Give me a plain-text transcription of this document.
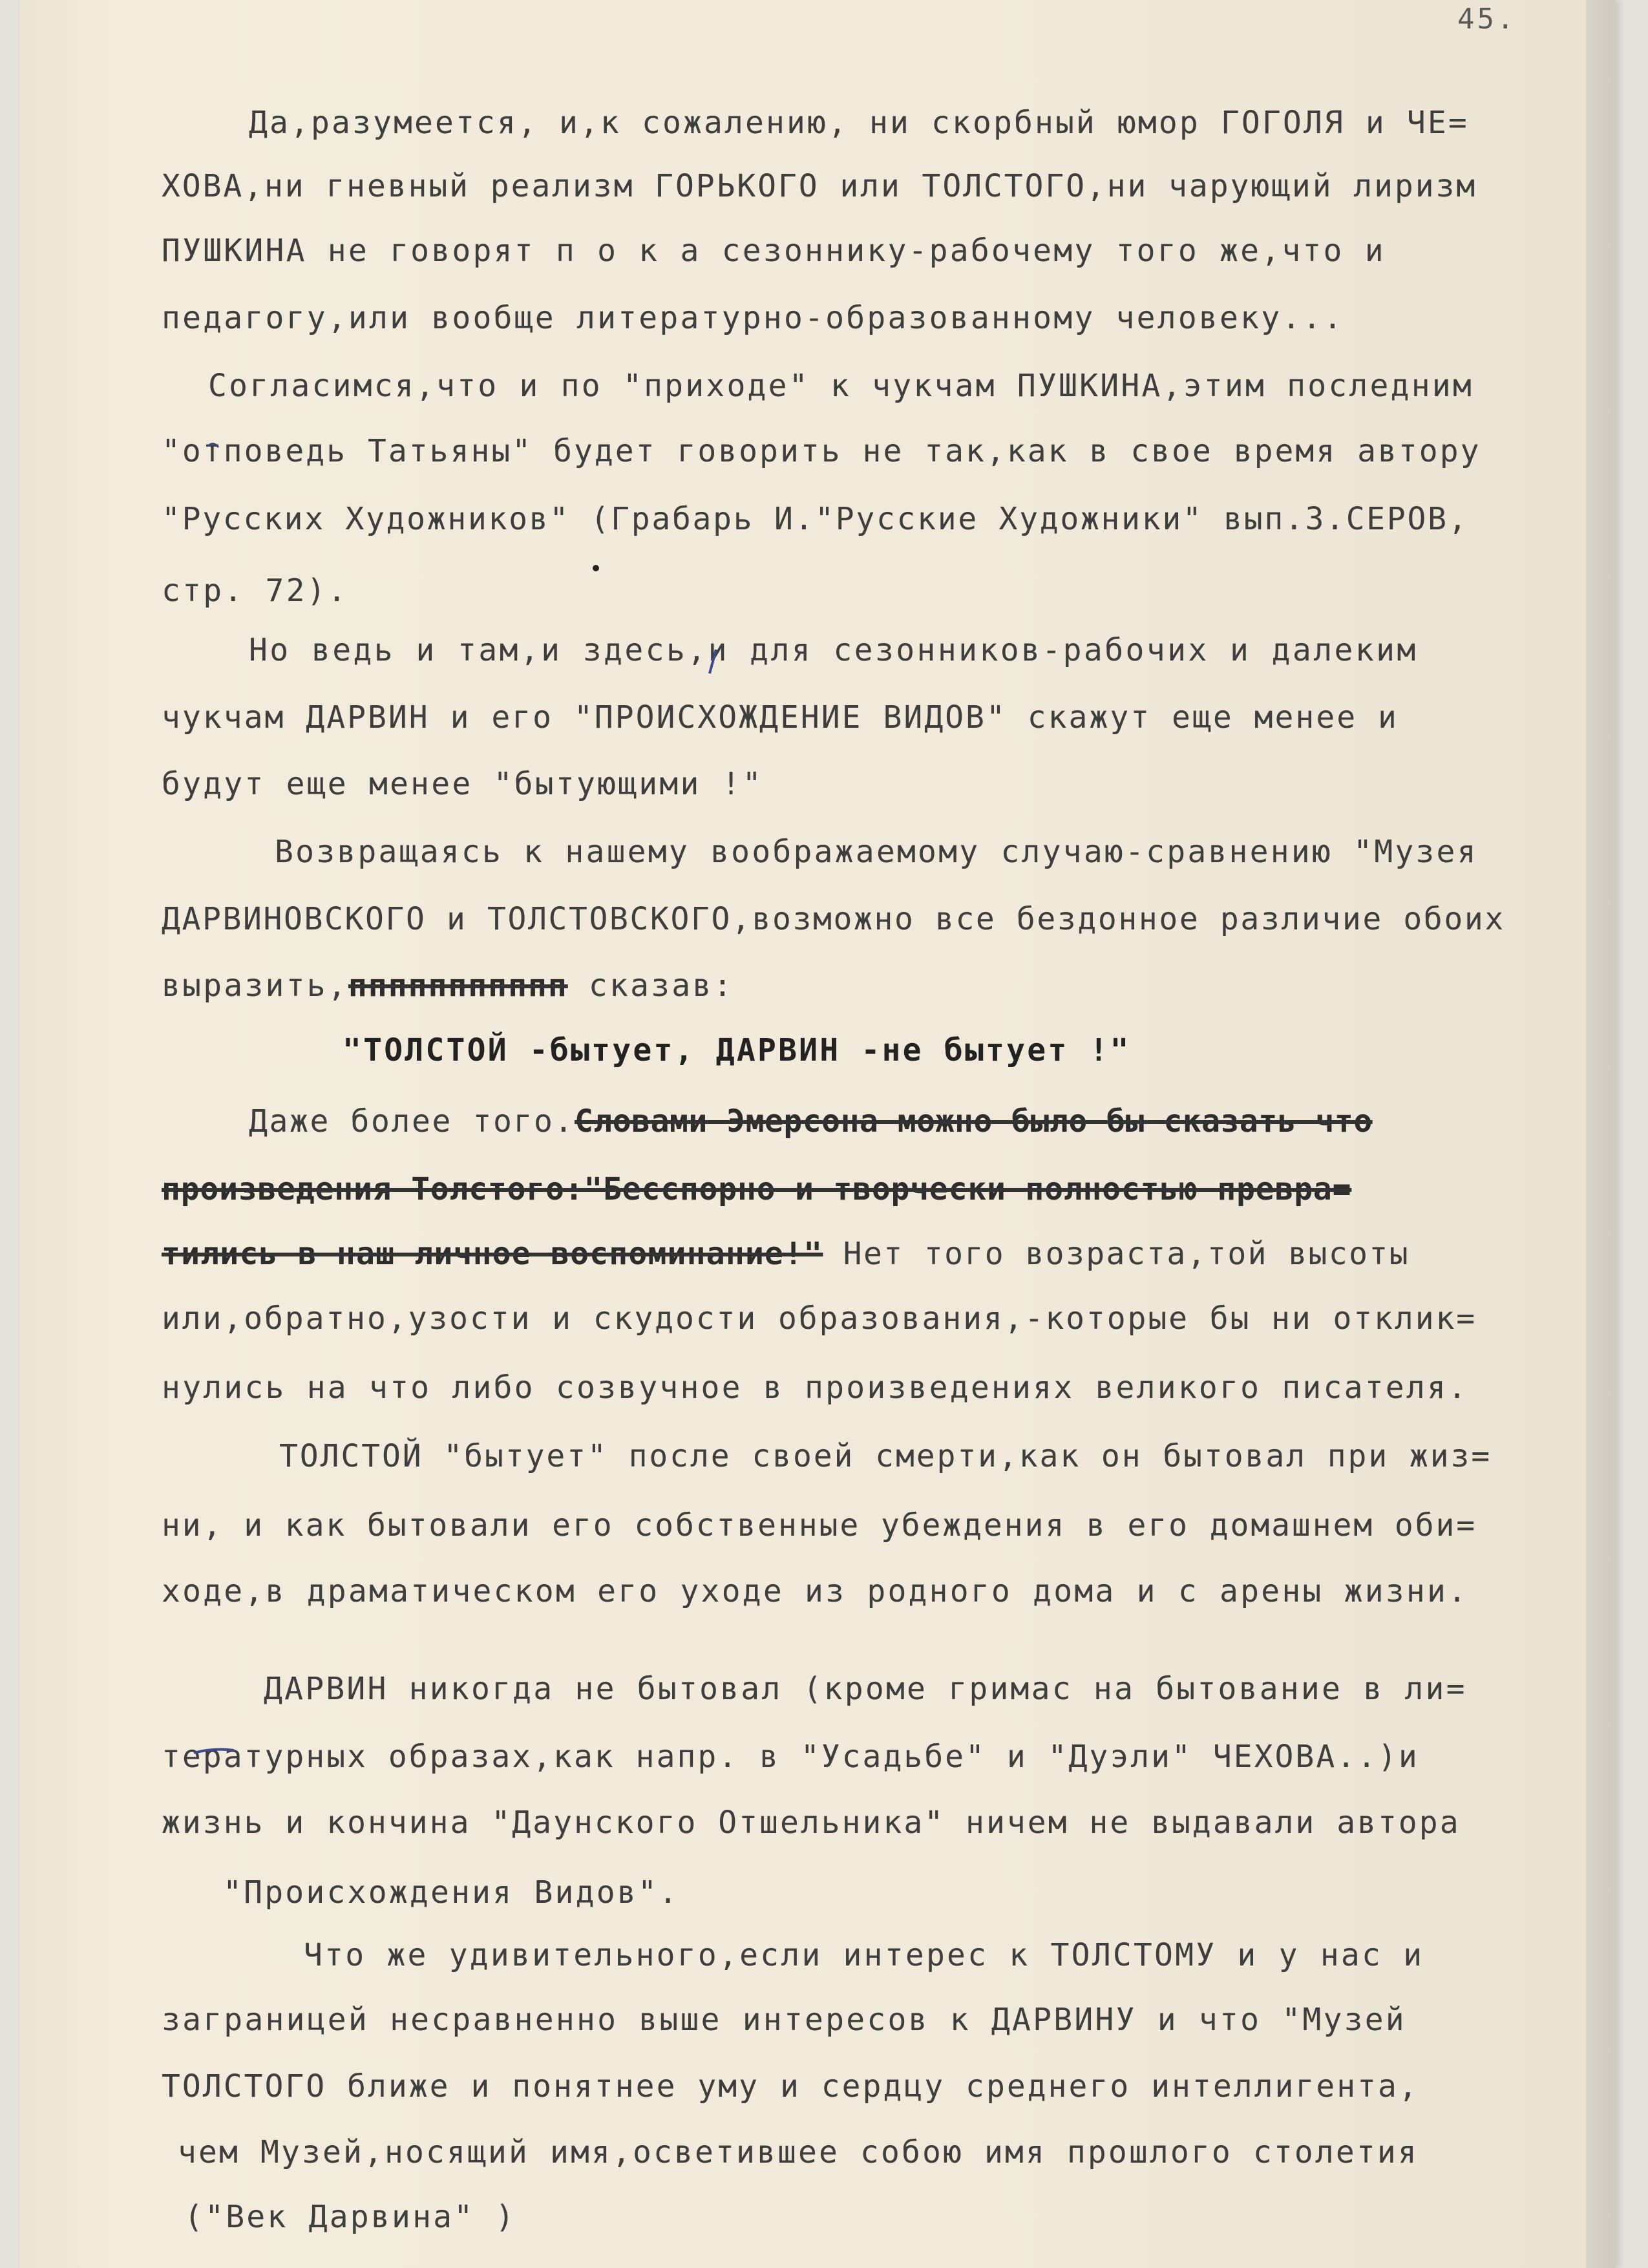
45.
Да,разумеется, и,к сожалению, ни скорбный юмор ГОГОЛЯ и ЧЕ=
ХОВА,ни гневный реализм ГОРЬКОГО или ТОЛСТОГО,ни чарующий лиризм
ПУШКИНА не говорят п о к а сезоннику-рабочему того же,что и
педагогу,или вообще литературно-образованному человеку...
Согласимся,что и по "приходе" к чукчам ПУШКИНА,этим последним
"отповедь Татьяны" будет говорить не так,как в свое время автору
"Русских Художников" (Грабарь И."Русские Художники" вып.3.СЕРОВ,
стр. 72).
Но ведь и там,и здесь,и для сезонников-рабочих и далеким
чукчам ДАРВИН и его "ПРОИСХОЖДЕНИЕ ВИДОВ" скажут еще менее и
будут еще менее "бытующими !"
Возвращаясь к нашему воображаемому случаю-сравнению "Музея
ДАРВИНОВСКОГО и ТОЛСТОВСКОГО,возможно все бездонное различие обоих
выразить,ппппппппппп сказав:
"ТОЛСТОЙ -бытует, ДАРВИН -не бытует !"
Даже более того.Словами Эмерсона можно было бы сказать что
произведения Толстого:"Бесспорно и творчески полностью превра=
тились в наш личное воспоминание!" Нет того возраста,той высоты
или,обратно,узости и скудости образования,-которые бы ни отклик=
нулись на что либо созвучное в произведениях великого писателя.
ТОЛСТОЙ "бытует" после своей смерти,как он бытовал при жиз=
ни, и как бытовали его собственные убеждения в его домашнем оби=
ходе,в драматическом его уходе из родного дома и с арены жизни.
ДАРВИН никогда не бытовал (кроме гримас на бытование в ли=
тературных образах,как напр. в "Усадьбе" и "Дуэли" ЧЕХОВА..)и
жизнь и кончина "Даунского Отшельника" ничем не выдавали автора
"Происхождения Видов".
Что же удивительного,если интерес к ТОЛСТОМУ и у нас и
заграницей несравненно выше интересов к ДАРВИНУ и что "Музей
ТОЛСТОГО ближе и понятнее уму и сердцу среднего интеллигента,
чем Музей,носящий имя,осветившее собою имя прошлого столетия
("Век Дарвина" )
